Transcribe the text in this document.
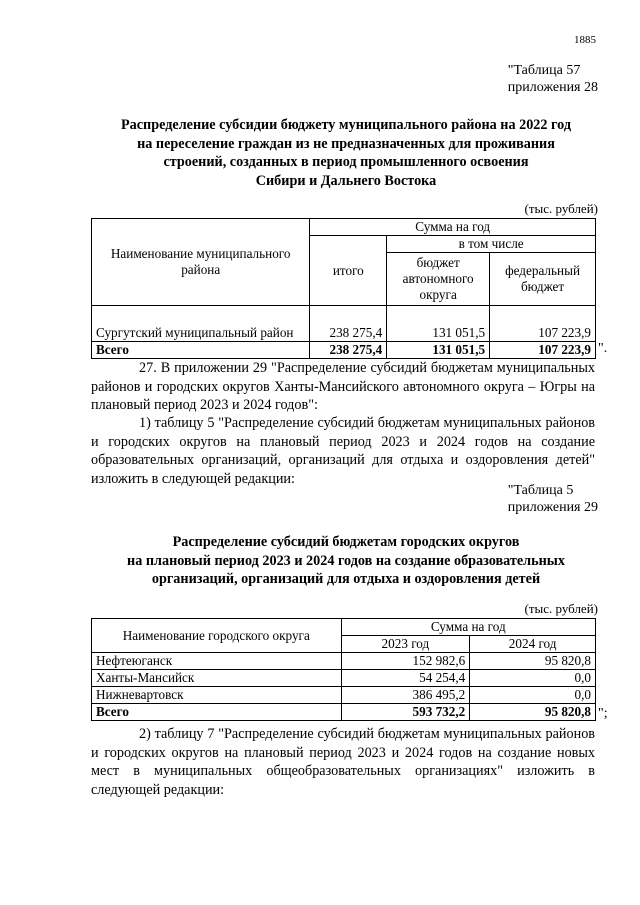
1885
"Таблица 57
приложения 28
Распределение субсидии бюджету муниципального района на 2022 год
на переселение граждан из не предназначенных для проживания
строений, созданных в период промышленного освоения
Сибири и Дальнего Востока
(тыс. рублей)
Наименование муниципального района	Сумма на год		
	итого	в том числе	
		бюджет автономного округа	федеральный бюджет
Сургутский муниципальный район	238 275,4	131 051,5	107 223,9
Всего	238 275,4	131 051,5	107 223,9 ".
27. В приложении 29 "Распределение субсидий бюджетам муниципальных районов и городских округов Ханты-Мансийского автономного округа – Югры на плановый период 2023 и 2024 годов":
1) таблицу 5 "Распределение субсидий бюджетам муниципальных районов и городских округов на плановый период 2023 и 2024 годов на создание образовательных организаций, организаций для отдыха и оздоровления детей" изложить в следующей редакции:
"Таблица 5
приложения 29
Распределение субсидий бюджетам городских округов
на плановый период 2023 и 2024 годов на создание образовательных
организаций, организаций для отдыха и оздоровления детей
(тыс. рублей)
Наименование городского округа	Сумма на год	
	2023 год	2024 год
Нефтеюганск	152 982,6	95 820,8
Ханты-Мансийск	54 254,4	0,0
Нижневартовск	386 495,2	0,0
Всего	593 732,2	95 820,8 ";
2) таблицу 7 "Распределение субсидий бюджетам муниципальных районов и городских округов на плановый период 2023 и 2024 годов на создание новых мест в муниципальных общеобразовательных организациях" изложить в следующей редакции:
